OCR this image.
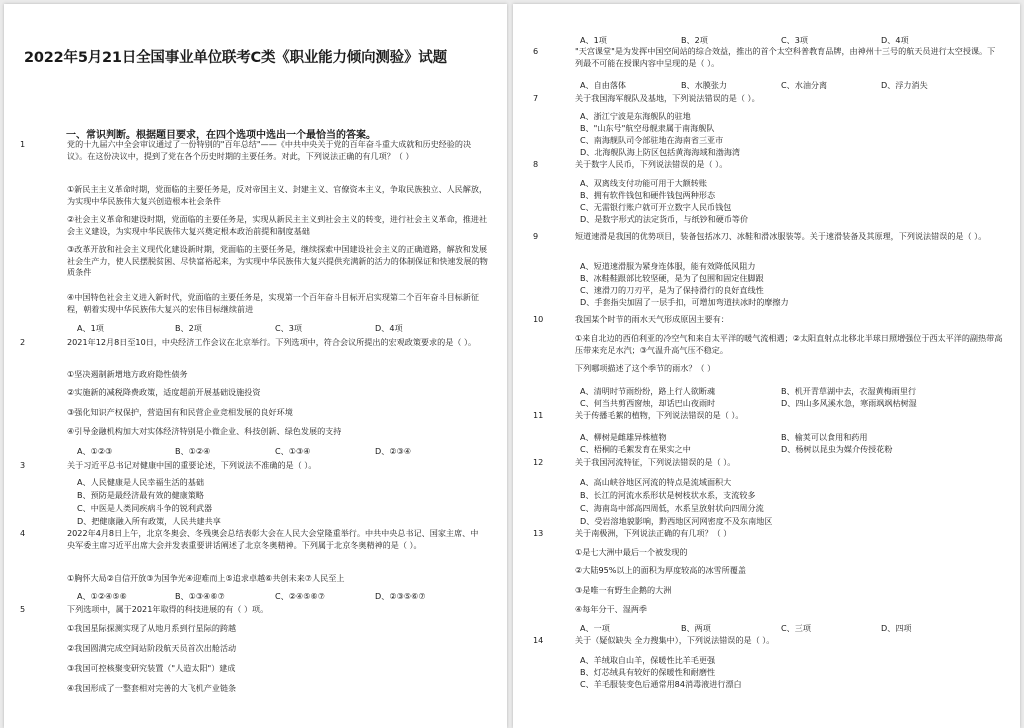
2022年5月21日全国事业单位联考C类《职业能力倾向测验》试题
一、常识判断。根据题目要求，在四个选项中选出一个最恰当的答案。
1	党的十九届六中全会审议通过了一份特别的"百年总结"——《中共中央关于党的百年奋斗重大成就和历史经验的决议》。在这份决议中，提到了党在各个历史时期的主要任务。对此，下列说法正确的有几项？（ ）
①新民主主义革命时期，党面临的主要任务是，反对帝国主义、封建主义、官僚资本主义，争取民族独立、人民解放，为实现中华民族伟大复兴创造根本社会条件
②社会主义革命和建设时期，党面临的主要任务是，实现从新民主主义到社会主义的转变，进行社会主义革命，推进社会主义建设，为实现中华民族伟大复兴奠定根本政治前提和制度基础
③改革开放和社会主义现代化建设新时期，党面临的主要任务是，继续探索中国建设社会主义的正确道路，解放和发展社会生产力，使人民摆脱贫困、尽快富裕起来，为实现中华民族伟大复兴提供充满新的活力的体制保证和快速发展的物质条件
④中国特色社会主义进入新时代，党面临的主要任务是，实现第一个百年奋斗目标开启实现第二个百年奋斗目标新征程，朝着实现中华民族伟大复兴的宏伟目标继续前进
A、1项	B、2项	C、3项	D、4项
2	2021年12月8日至10日，中央经济工作会议在北京举行。下列选项中，符合会议所提出的宏观政策要求的是（ ）。
①坚决遏制新增地方政府隐性债务
②实施新的减税降费政策，适度超前开展基础设施投资
③强化知识产权保护，营造国有和民营企业竞相发展的良好环境
④引导金融机构加大对实体经济特别是小微企业、科技创新、绿色发展的支持
A、①②③	B、①②④	C、①③④	D、②③④
3	关于习近平总书记对健康中国的重要论述，下列说法不准确的是（ ）。
A、人民健康是人民幸福生活的基础
B、预防是最经济最有效的健康策略
C、中医是人类同疾病斗争的锐利武器
D、把健康融入所有政策，人民共建共享
4	2022年4月8日上午，北京冬奥会、冬残奥会总结表彰大会在人民大会堂隆重举行。中共中央总书记、国家主席、中央军委主席习近平出席大会并发表重要讲话阐述了北京冬奥精神。下列属于北京冬奥精神的是（ ）。
①胸怀大局②自信开放③为国争光④迎难而上⑤追求卓越⑥共创未来⑦人民至上
A、①②④⑤⑥	B、①③④⑥⑦	C、②④⑤⑥⑦	D、②③⑤⑥⑦
5	下列选项中，属于2021年取得的科技进展的有（ ）项。
①我国星际探测实现了从地月系到行星际的跨越
②我国圆满完成空间站阶段航天员首次出舱活动
③我国可控核聚变研究装置（"人造太阳"）建成
④我国形成了一整套相对完善的大飞机产业链条
A、1项	B、2项	C、3项	D、4项
6	"天宫课堂"是为发挥中国空间站的综合效益，推出的首个太空科普教育品牌，由神州十三号的航天员进行太空授课。下列最不可能在授课内容中呈现的是（ ）。
A、自由落体	B、水膜张力	C、水油分离	D、浮力消失
7	关于我国海军舰队及基地，下列说法错误的是（ ）。
A、浙江宁波是东海舰队的驻地
B、"山东号"航空母舰隶属于南海舰队
C、南海舰队司令部驻地在海南省三亚市
D、北海舰队海上防区包括黄海海域和渤海湾
8	关于数字人民币，下列说法错误的是（ ）。
A、双离线支付功能可用于大额转账
B、拥有软件钱包和硬件钱包两种形态
C、无需银行账户就可开立数字人民币钱包
D、是数字形式的法定货币，与纸钞和硬币等价
9	短道速滑是我国的优势项目，装备包括冰刀、冰鞋和滑冰服装等。关于速滑装备及其原理，下列说法错误的是（ ）。
A、短道速滑服为紧身连体服，能有效降低风阻力
B、冰鞋鞋跟部比较坚硬，是为了包围和固定住脚跟
C、速滑刀的刀刃平，是为了保持滑行的良好直线性
D、手套指尖加固了一层手扣，可增加弯道扶冰时的摩擦力
10	我国某个时节的雨水天气形成原因主要有：
①来自北边的西伯利亚的冷空气和来自太平洋的暖气流相遇；②太阳直射点北移北半球日照增强位于西太平洋的副热带高压带来充足水汽；③气温升高气压不稳定。
下列哪项描述了这个季节的雨水？（ ）
A、清明时节雨纷纷，路上行人欲断魂	B、机开青草湖中去，衣湿黄梅雨里行
C、何当共剪西窗烛，却话巴山夜雨时	D、四山多风溪水急，寒雨飒飒枯树湿
11	关于传播毛絮的植物，下列说法错误的是（ ）。
A、柳树是雌雄异株植物	B、榆荚可以食用和药用
C、梧桐的毛絮发育在果实之中	D、杨树以昆虫为媒介传授花粉
12	关于我国河流特征，下列说法错误的是（ ）。
A、高山峡谷地区河流的特点是流域面积大
B、长江的河流水系形状是树枝状水系，支流较多
C、海南岛中部高四周低，水系呈放射状向四周分流
D、受岩溶地貌影响，黔西地区河网密度不及东南地区
13	关于南极洲，下列说法正确的有几项？（ ）
①是七大洲中最后一个被发现的
②大陆95%以上的面积为厚度较高的冰雪所覆盖
③是唯一有野生企鹅的大洲
④每年分干、湿两季
A、一项	B、两项	C、三项	D、四项
14	关于（疑似缺失 全力搜集中），下列说法错误的是（ ）。
A、羊绒取自山羊，保暖性比羊毛更强
B、灯芯绒具有较好的保暖性和耐磨性
C、羊毛服装变色后通常用84消毒液进行漂白
